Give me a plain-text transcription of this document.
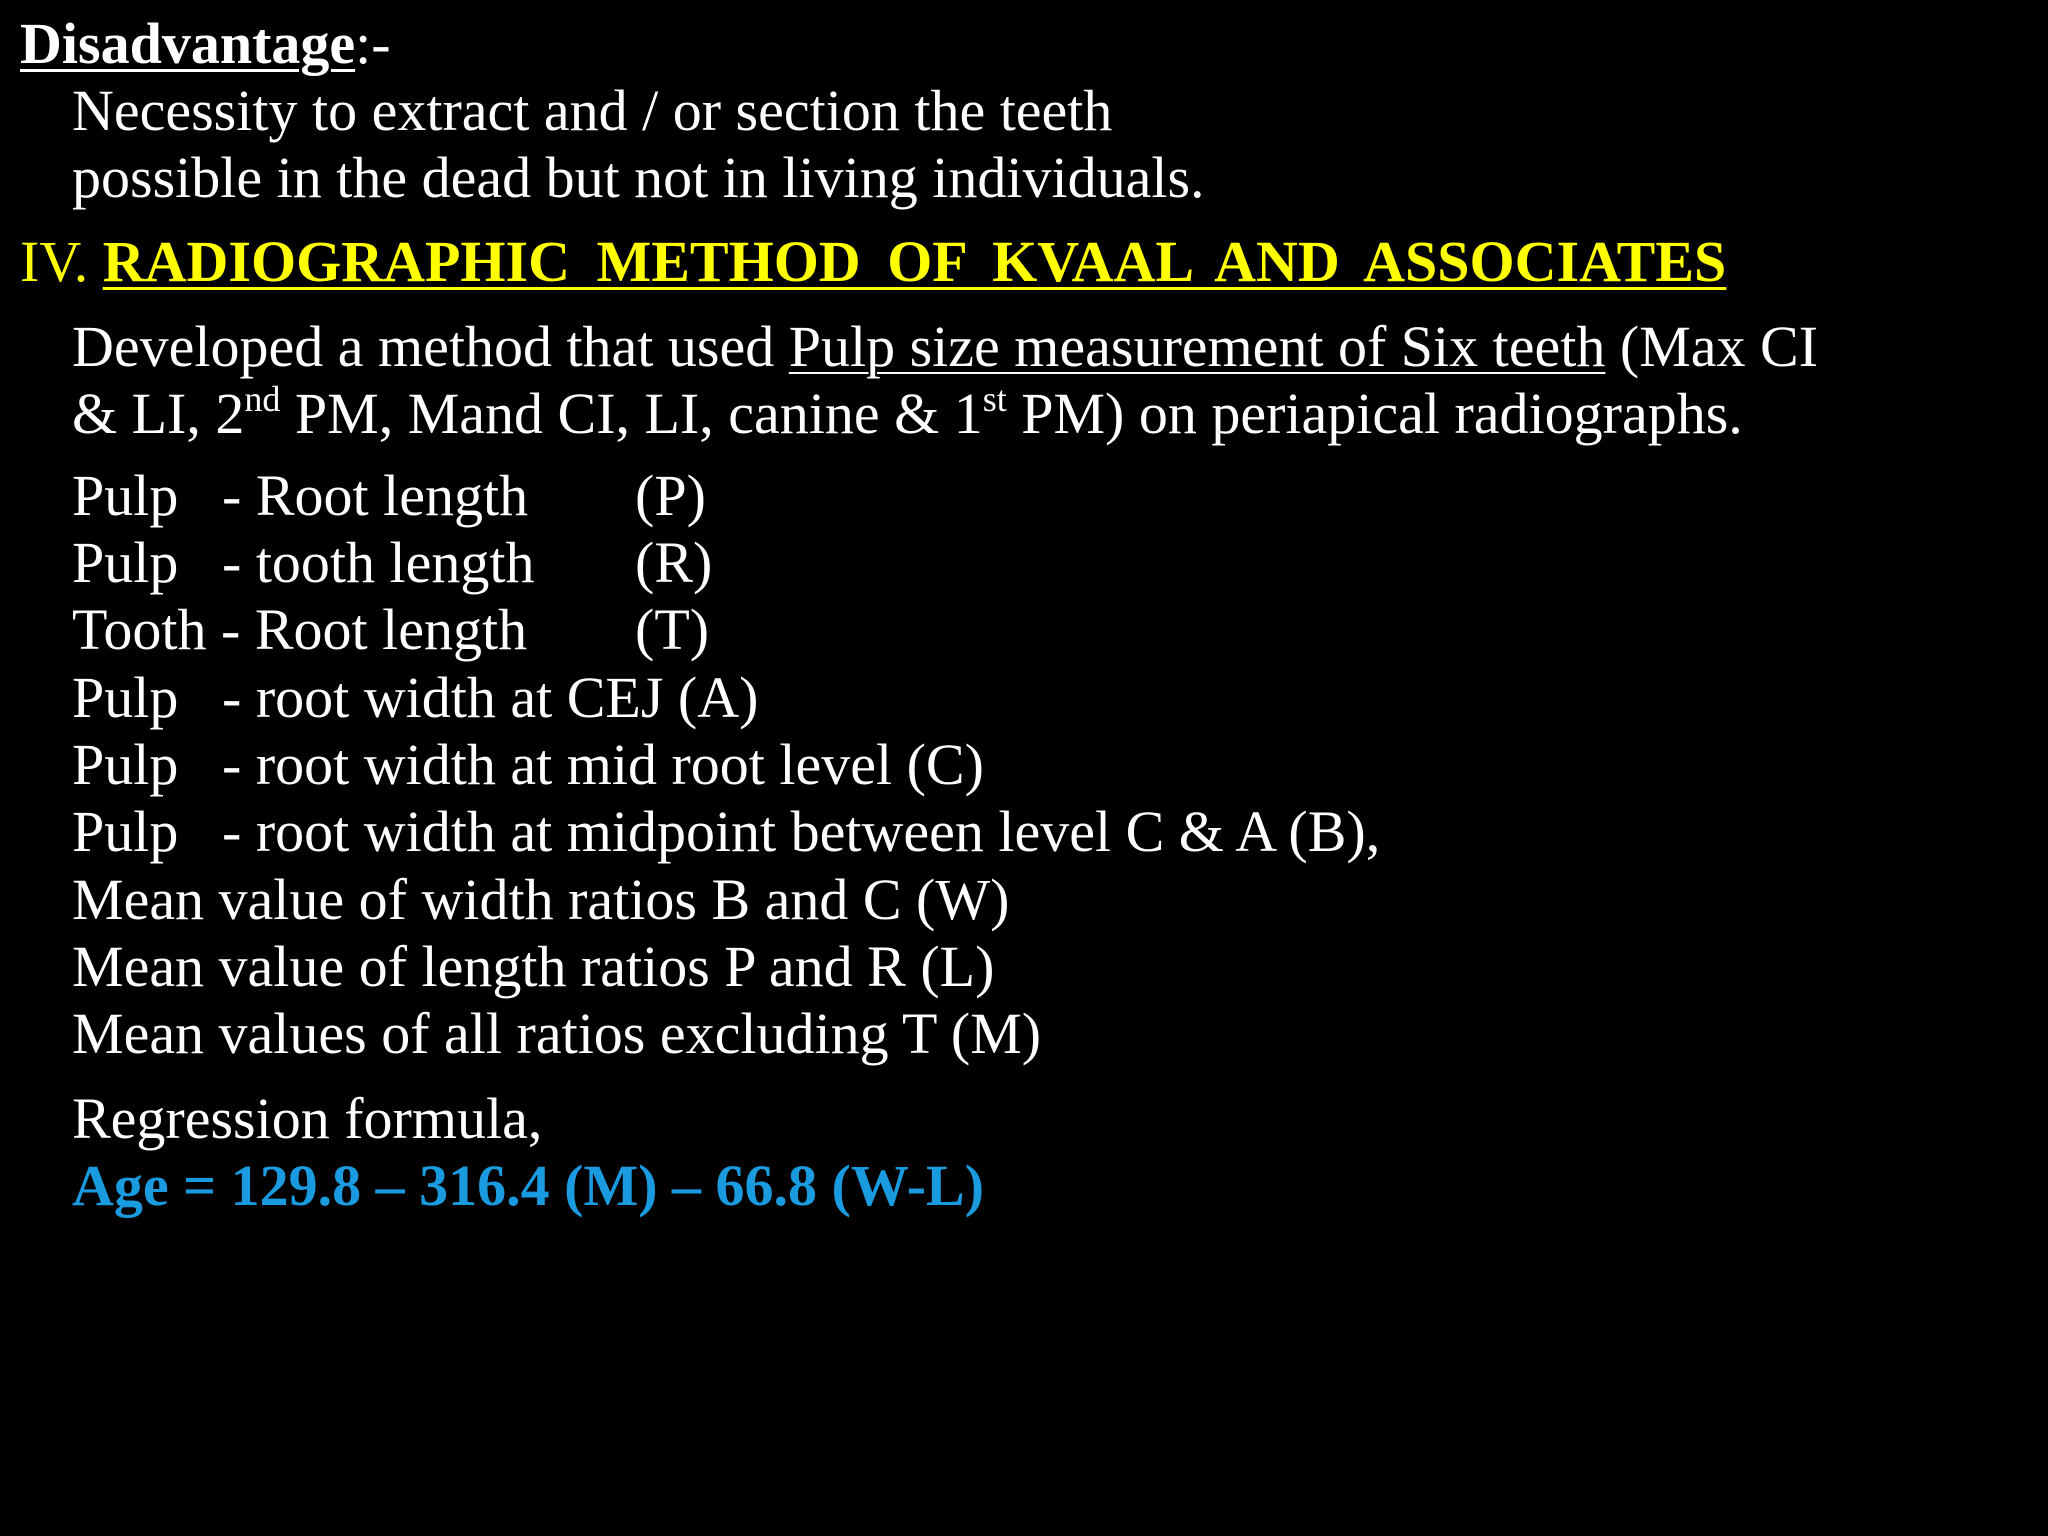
Disadvantage:-
Necessity to extract and / or section the teeth
possible in the dead but not in living individuals.
IV. RADIOGRAPHIC METHOD OF KVAAL AND ASSOCIATES
Developed a method that used Pulp size measurement of Six teeth (Max CI
& LI, 2nd PM, Mand CI, LI, canine & 1st PM) on periapical radiographs.
Pulp - Root length (P)
Pulp - tooth length (R)
Tooth - Root length (T)
Pulp - root width at CEJ (A)
Pulp - root width at mid root level (C)
Pulp - root width at midpoint between level C & A (B),
Mean value of width ratios B and C (W)
Mean value of length ratios P and R (L)
Mean values of all ratios excluding T (M)
Regression formula,
Age = 129.8 – 316.4 (M) – 66.8 (W-L)
